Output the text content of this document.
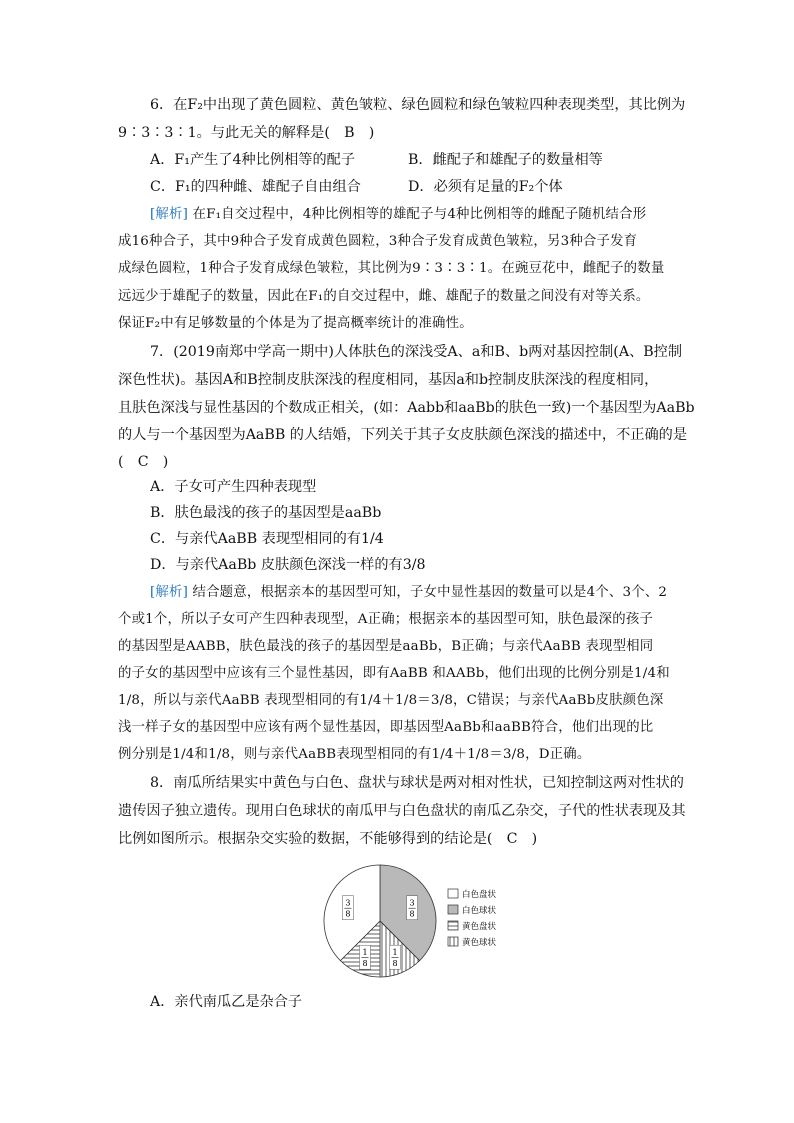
6．在F₂中出现了黄色圆粒、黄色皱粒、绿色圆粒和绿色皱粒四种表现类型，其比例为
9∶3∶3∶1。与此无关的解释是(　B　)
A．F₁产生了4种比例相等的配子	B．雌配子和雄配子的数量相等
C．F₁的四种雌、雄配子自由组合	D．必须有足量的F₂个体
[解析] 在F₁自交过程中，4种比例相等的雄配子与4种比例相等的雌配子随机结合形
成16种合子，其中9种合子发育成黄色圆粒，3种合子发育成黄色皱粒，另3种合子发育
成绿色圆粒，1种合子发育成绿色皱粒，其比例为9∶3∶3∶1。在豌豆花中，雌配子的数量
远远少于雄配子的数量，因此在F₁的自交过程中，雌、雄配子的数量之间没有对等关系。
保证F₂中有足够数量的个体是为了提高概率统计的准确性。
7．(2019南郑中学高一期中)人体肤色的深浅受A、a和B、b两对基因控制(A、B控制
深色性状)。基因A和B控制皮肤深浅的程度相同，基因a和b控制皮肤深浅的程度相同，
且肤色深浅与显性基因的个数成正相关，(如：Aabb和aaBb的肤色一致)一个基因型为AaBb
的人与一个基因型为AaBB 的人结婚，下列关于其子女皮肤颜色深浅的描述中，不正确的是
(　C　)
A．子女可产生四种表现型
B．肤色最浅的孩子的基因型是aaBb
C．与亲代AaBB 表现型相同的有1/4
D．与亲代AaBb 皮肤颜色深浅一样的有3/8
[解析] 结合题意，根据亲本的基因型可知，子女中显性基因的数量可以是4个、3个、2
个或1个，所以子女可产生四种表现型，A正确；根据亲本的基因型可知，肤色最深的孩子
的基因型是AABB，肤色最浅的孩子的基因型是aaBb，B正确；与亲代AaBB 表现型相同
的子女的基因型中应该有三个显性基因，即有AaBB 和AABb，他们出现的比例分别是1/4和
1/8，所以与亲代AaBB 表现型相同的有1/4＋1/8＝3/8，C错误；与亲代AaBb皮肤颜色深
浅一样子女的基因型中应该有两个显性基因，即基因型AaBb和aaBB符合，他们出现的比
例分别是1/4和1/8，则与亲代AaBB表现型相同的有1/4＋1/8＝3/8，D正确。
8．南瓜所结果实中黄色与白色、盘状与球状是两对相对性状，已知控制这两对性状的
遗传因子独立遗传。现用白色球状的南瓜甲与白色盘状的南瓜乙杂交，子代的性状表现及其
比例如图所示。根据杂交实验的数据，不能够得到的结论是(　C　)
3
8
1
8
1
8
3
8
白色盘状
白色球状
黄色盘状
黄色球状
A．亲代南瓜乙是杂合子
